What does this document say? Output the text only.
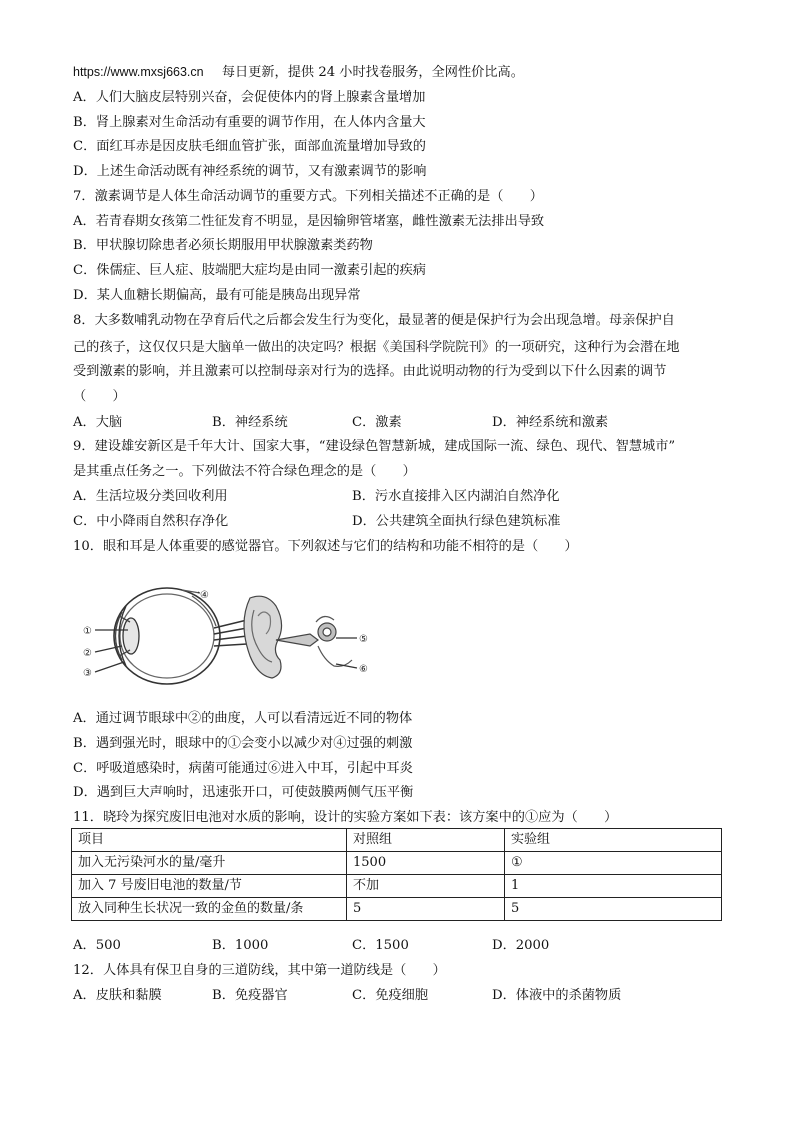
https://www.mxsj663.cn 每日更新，提供 24 小时找卷服务，全网性价比高。
A．人们大脑皮层特别兴奋，会促使体内的肾上腺素含量增加
B．肾上腺素对生命活动有重要的调节作用，在人体内含量大
C．面红耳赤是因皮肤毛细血管扩张，面部血流量增加导致的
D．上述生命活动既有神经系统的调节，又有激素调节的影响
7．激素调节是人体生命活动调节的重要方式。下列相关描述不正确的是（　　）
A．若青春期女孩第二性征发育不明显，是因输卵管堵塞，雌性激素无法排出导致
B．甲状腺切除患者必须长期服用甲状腺激素类药物
C．侏儒症、巨人症、肢端肥大症均是由同一激素引起的疾病
D．某人血糖长期偏高，最有可能是胰岛出现异常
8．大多数哺乳动物在孕育后代之后都会发生行为变化，最显著的便是保护行为会出现急增。母亲保护自
己的孩子，这仅仅只是大脑单一做出的决定吗？根据《美国科学院院刊》的一项研究，这种行为会潜在地
受到激素的影响，并且激素可以控制母亲对行为的选择。由此说明动物的行为受到以下什么因素的调节
（　　）
A．大脑	B．神经系统	C．激素	D．神经系统和激素
9．建设雄安新区是千年大计、国家大事，“建设绿色智慧新城，建成国际一流、绿色、现代、智慧城市”
是其重点任务之一。下列做法不符合绿色理念的是（　　）
A．生活垃圾分类回收利用	B．污水直接排入区内湖泊自然净化
C．中小降雨自然积存净化	D．公共建筑全面执行绿色建筑标准
10．眼和耳是人体重要的感觉器官。下列叙述与它们的结构和功能不相符的是（　　）
④
①
②
③
⑤
⑥
A．通过调节眼球中②的曲度，人可以看清远近不同的物体
B．遇到强光时，眼球中的①会变小以减少对④过强的刺激
C．呼吸道感染时，病菌可能通过⑥进入中耳，引起中耳炎
D．遇到巨大声响时，迅速张开口，可使鼓膜两侧气压平衡
11．晓玲为探究废旧电池对水质的影响，设计的实验方案如下表：该方案中的①应为（　　）
项目	对照组	实验组
加入无污染河水的量/毫升	1500	①
加入 7 号废旧电池的数量/节	不加	1
放入同种生长状况一致的金鱼的数量/条	5	5
A．500	B．1000	C．1500	D．2000
12．人体具有保卫自身的三道防线，其中第一道防线是（　　）
A．皮肤和黏膜	B．免疫器官	C．免疫细胞	D．体液中的杀菌物质
